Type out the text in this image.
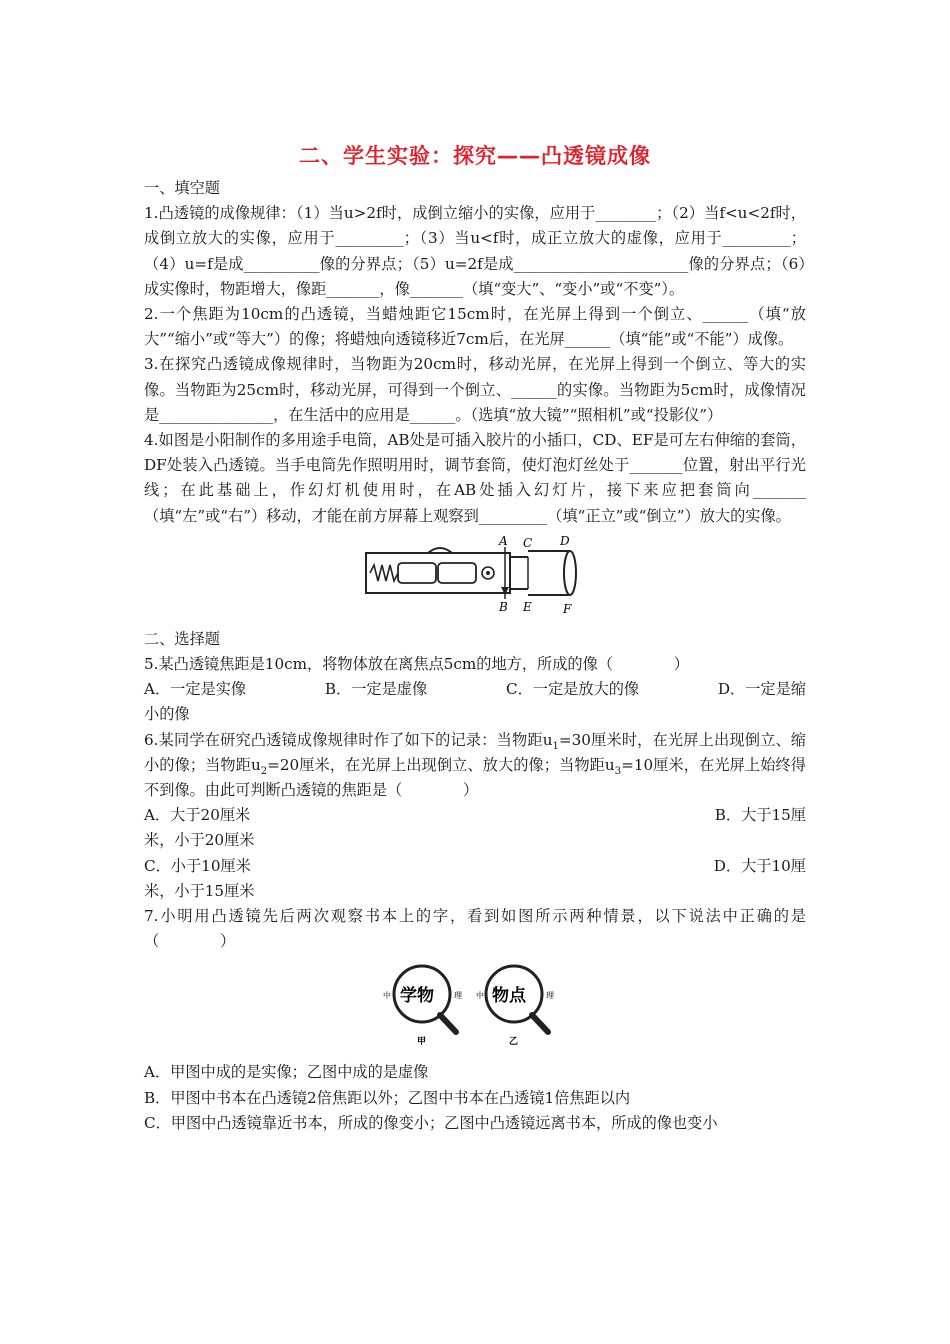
二、学生实验：探究——凸透镜成像

一、填空题

1.凸透镜的成像规律：（1）当u>2f时，成倒立缩小的实像，应用于________；（2）当f<u<2f时，成倒立放大的实像，应用于_________；（3）当u<f时，成正立放大的虚像，应用于_________；（4）u=f是成__________像的分界点；（5）u=2f是成_______________________像的分界点；（6）成实像时，物距增大，像距_______，像_______（填“变大”、“变小”或“不变”）。

2.一个焦距为10cm的凸透镜，当蜡烛距它15cm时，在光屏上得到一个倒立、______（填“放大”“缩小”或“等大”）的像；将蜡烛向透镜移近7cm后，在光屏______（填“能”或“不能”）成像。

3.在探究凸透镜成像规律时，当物距为20cm时，移动光屏，在光屏上得到一个倒立、等大的实像。当物距为25cm时，移动光屏，可得到一个倒立、______的实像。当物距为5cm时，成像情况是_______________，在生活中的应用是______。（选填“放大镜”“照相机”或“投影仪”）

4.如图是小阳制作的多用途手电筒，AB处是可插入胶片的小插口，CD、EF是可左右伸缩的套筒，DF处装入凸透镜。当手电筒先作照明用时，调节套筒，使灯泡灯丝处于_______位置，射出平行光线；在此基础上，作幻灯机使用时，在AB处插入幻灯片，接下来应把套筒向_______（填“左”或“右”）移动，才能在前方屏幕上观察到_________（填“正立”或“倒立”）放大的实像。

A C D
B E	F

二、选择题

5.某凸透镜焦距是10cm，将物体放在离焦点5cm的地方，所成的像（　　　　）

A．一定是实像	B．一定是虚像	C．一定是放大的像	D．一定是缩

小的像

6.某同学在研究凸透镜成像规律时作了如下的记录：当物距$u_1=30$厘米时，在光屏上出现倒立、缩小的像；当物距$u_2=20$厘米，在光屏上出现倒立、放大的像；当物距$u_3=10$厘米，在光屏上始终得不到像。由此可判断凸透镜的焦距是（　　　　）

A．大于20厘米	B．大于15厘

米，小于20厘米

C．小于10厘米	D．大于10厘

米，小于15厘米

7.小明用凸透镜先后两次观察书本上的字，看到如图所示两种情景，以下说法中正确的是（　　　　）

中 学物	理
甲
中 物点	理
乙

A．甲图中成的是实像；乙图中成的是虚像

B．甲图中书本在凸透镜2倍焦距以外；乙图中书本在凸透镜1倍焦距以内

C．甲图中凸透镜靠近书本，所成的像变小；乙图中凸透镜远离书本，所成的像也变小
